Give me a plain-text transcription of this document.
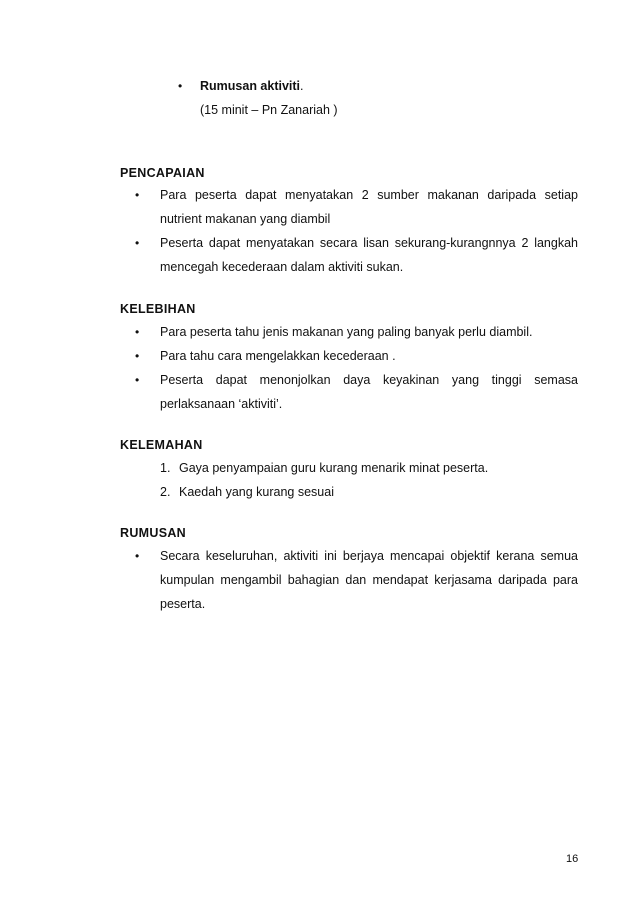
• Rumusan aktiviti.
(15 minit – Pn Zanariah )
PENCAPAIAN
• Para peserta dapat menyatakan 2 sumber makanan daripada setiap
nutrient makanan yang diambil
• Peserta dapat menyatakan secara lisan sekurang-kurangnnya 2 langkah
mencegah kecederaan dalam aktiviti sukan.
KELEBIHAN
• Para peserta tahu jenis makanan yang paling banyak perlu diambil.
• Para tahu cara mengelakkan kecederaan .
• Peserta dapat menonjolkan daya keyakinan yang tinggi semasa
perlaksanaan ‘aktiviti’.
KELEMAHAN
1. Gaya penyampaian guru kurang menarik minat peserta.
2. Kaedah yang kurang sesuai
RUMUSAN
• Secara keseluruhan, aktiviti ini berjaya mencapai objektif kerana semua
kumpulan mengambil bahagian dan mendapat kerjasama daripada para
peserta.
16
